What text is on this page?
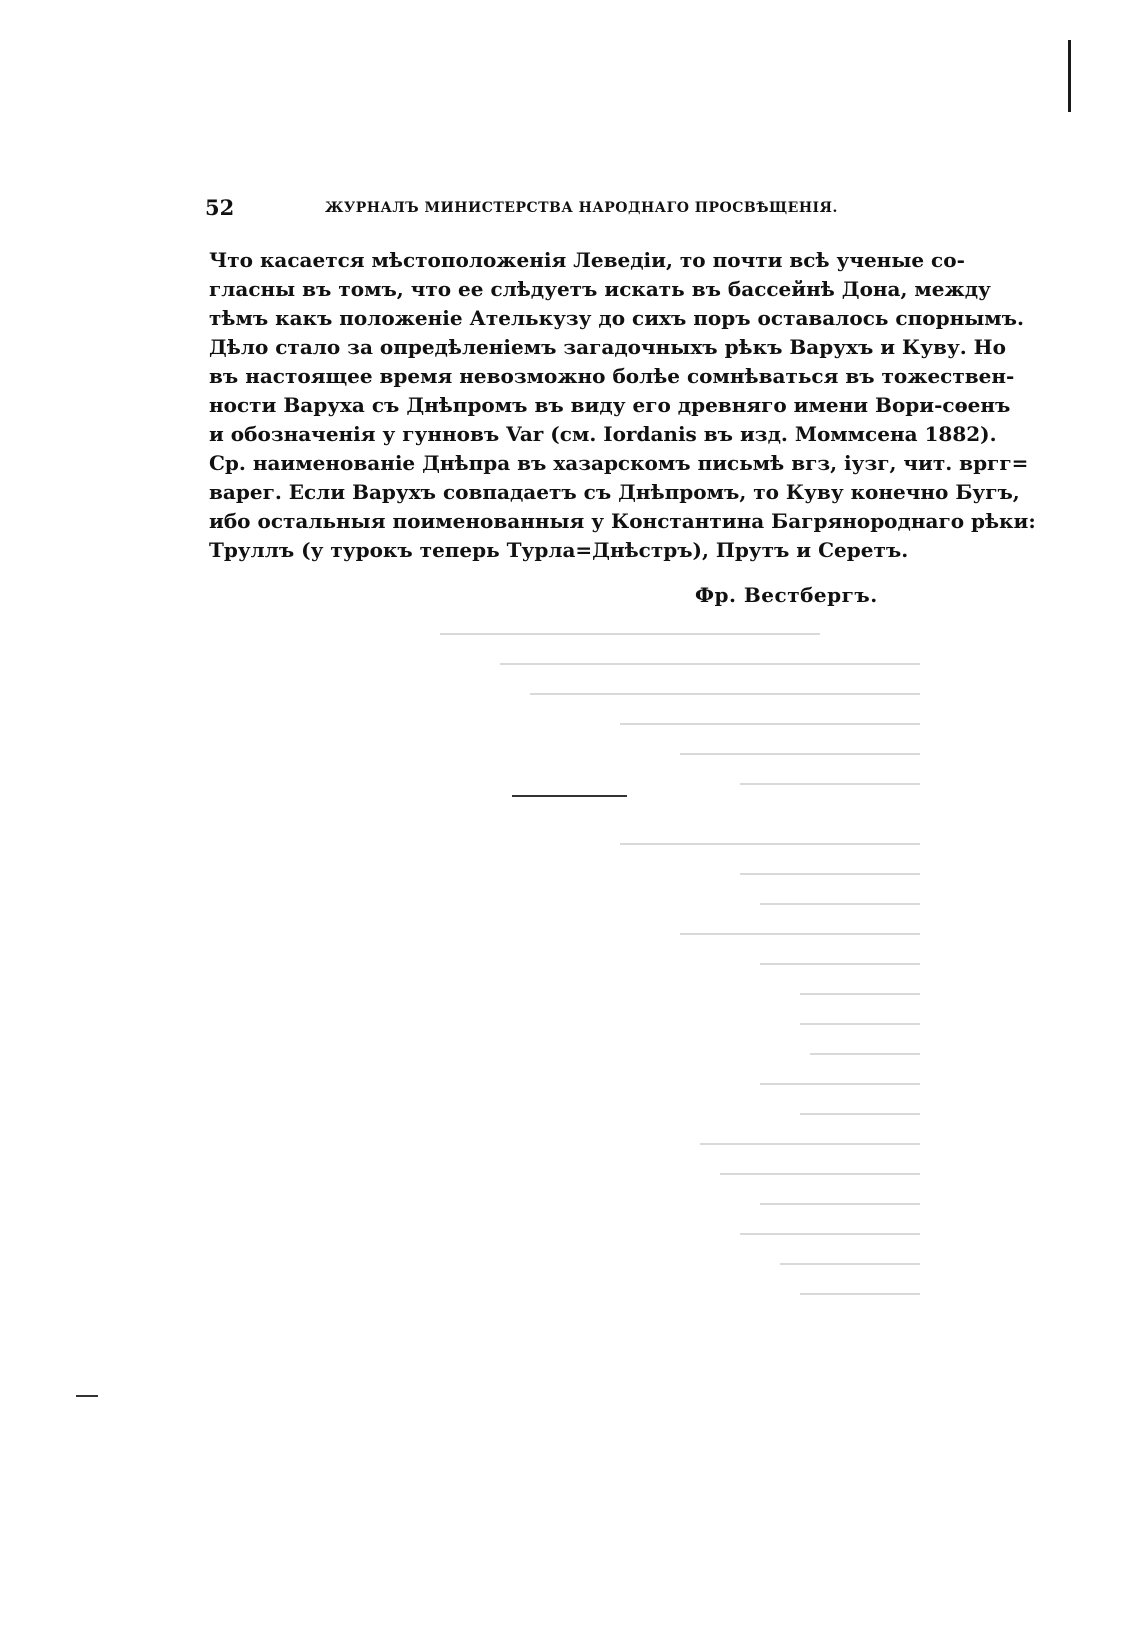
52	ЖУРНАЛЪ МИНИСТЕРСТВА НАРОДНАГО ПРОСВѢЩЕНІЯ.
Что касается мѣстоположенія Леведіи, то почти всѣ ученые со-
гласны въ томъ, что ее слѣдуетъ искать въ бассейнѣ Дона, между
тѣмъ какъ положеніе Ателькузу до сихъ поръ оставалось спорнымъ.
Дѣло стало за опредѣленіемъ загадочныхъ рѣкъ Варухъ и Куву. Но
въ настоящее время невозможно болѣе сомнѣваться въ тожествен-
ности Варуха съ Днѣпромъ въ виду его древняго имени Вори-сѳенъ
и обозначенія у гунновъ Var (см. Iordanis въ изд. Моммсена 1882).
Ср. наименованіе Днѣпра въ хазарскомъ письмѣ вгз, іузг, чит. вргг=
варег. Если Варухъ совпадаетъ съ Днѣпромъ, то Куву конечно Бугъ,
ибо остальныя поименованныя у Константина Багрянороднаго рѣки:
Труллъ (у турокъ теперь Турла=Днѣстръ), Прутъ и Серетъ.
Фр. Вестбергъ.
